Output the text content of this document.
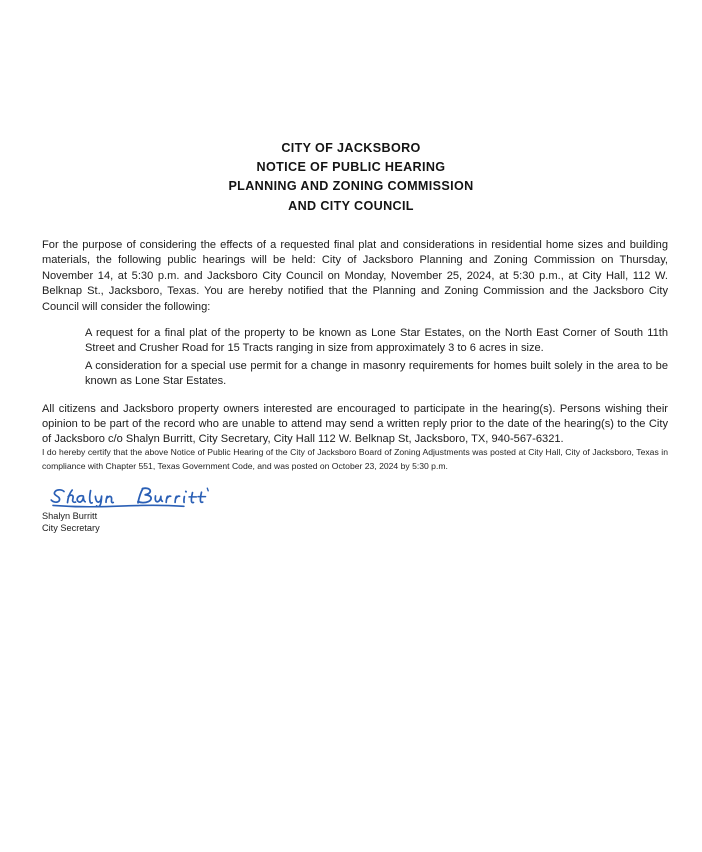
CITY OF JACKSBORO
NOTICE OF PUBLIC HEARING
PLANNING AND ZONING COMMISSION
AND CITY COUNCIL

For the purpose of considering the effects of a requested final plat and considerations in residential home sizes and building materials, the following public hearings will be held: City of Jacksboro Planning and Zoning Commission on Thursday, November 14, at 5:30 p.m. and Jacksboro City Council on Monday, November 25, 2024, at 5:30 p.m., at City Hall, 112 W. Belknap St., Jacksboro, Texas. You are hereby notified that the Planning and Zoning Commission and the Jacksboro City Council will consider the following:

A request for a final plat of the property to be known as Lone Star Estates, on the North East Corner of South 11th Street and Crusher Road for 15 Tracts ranging in size from approximately 3 to 6 acres in size.

A consideration for a special use permit for a change in masonry requirements for homes built solely in the area to be known as Lone Star Estates.

All citizens and Jacksboro property owners interested are encouraged to participate in the hearing(s). Persons wishing their opinion to be part of the record who are unable to attend may send a written reply prior to the date of the hearing(s) to the City of Jacksboro c/o Shalyn Burritt, City Secretary, City Hall 112 W. Belknap St, Jacksboro, TX, 940-567-6321.

I do hereby certify that the above Notice of Public Hearing of the City of Jacksboro Board of Zoning Adjustments was posted at City Hall, City of Jacksboro, Texas in compliance with Chapter 551, Texas Government Code, and was posted on October 23, 2024 by 5:30 p.m.

Shalyn Burritt

City Secretary
